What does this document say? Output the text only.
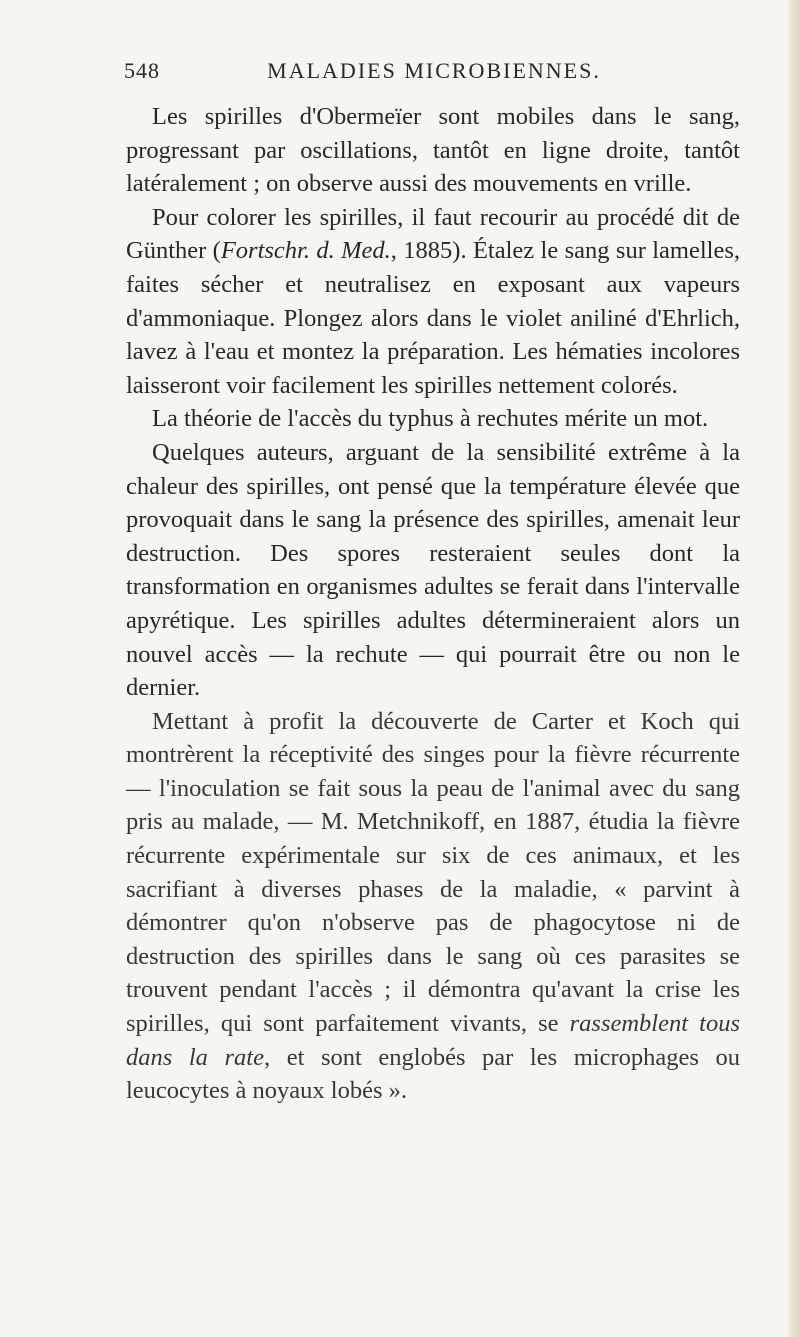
548	MALADIES MICROBIENNES.

Les spirilles d'Obermeïer sont mobiles dans le sang, progressant par oscillations, tantôt en ligne droite, tantôt latéralement ; on observe aussi des mouvements en vrille.

Pour colorer les spirilles, il faut recourir au procédé dit de Günther (Fortschr. d. Med., 1885). Étalez le sang sur lamelles, faites sécher et neutralisez en exposant aux vapeurs d'ammoniaque. Plongez alors dans le violet aniliné d'Ehrlich, lavez à l'eau et montez la préparation. Les hématies incolores laisseront voir facilement les spirilles nettement colorés.

La théorie de l'accès du typhus à rechutes mérite un mot.

Quelques auteurs, arguant de la sensibilité extrême à la chaleur des spirilles, ont pensé que la température élevée que provoquait dans le sang la présence des spirilles, amenait leur destruction. Des spores resteraient seules dont la transformation en organismes adultes se ferait dans l'intervalle apyrétique. Les spirilles adultes détermineraient alors un nouvel accès — la rechute — qui pourrait être ou non le dernier.

Mettant à profit la découverte de Carter et Koch qui montrèrent la réceptivité des singes pour la fièvre récurrente — l'inoculation se fait sous la peau de l'animal avec du sang pris au malade, — M. Metchnikoff, en 1887, étudia la fièvre récurrente expérimentale sur six de ces animaux, et les sacrifiant à diverses phases de la maladie, « parvint à démontrer qu'on n'observe pas de phagocytose ni de destruction des spirilles dans le sang où ces parasites se trouvent pendant l'accès ; il démontra qu'avant la crise les spirilles, qui sont parfaitement vivants, se rassemblent tous dans la rate, et sont englobés par les microphages ou leucocytes à noyaux lobés ».
